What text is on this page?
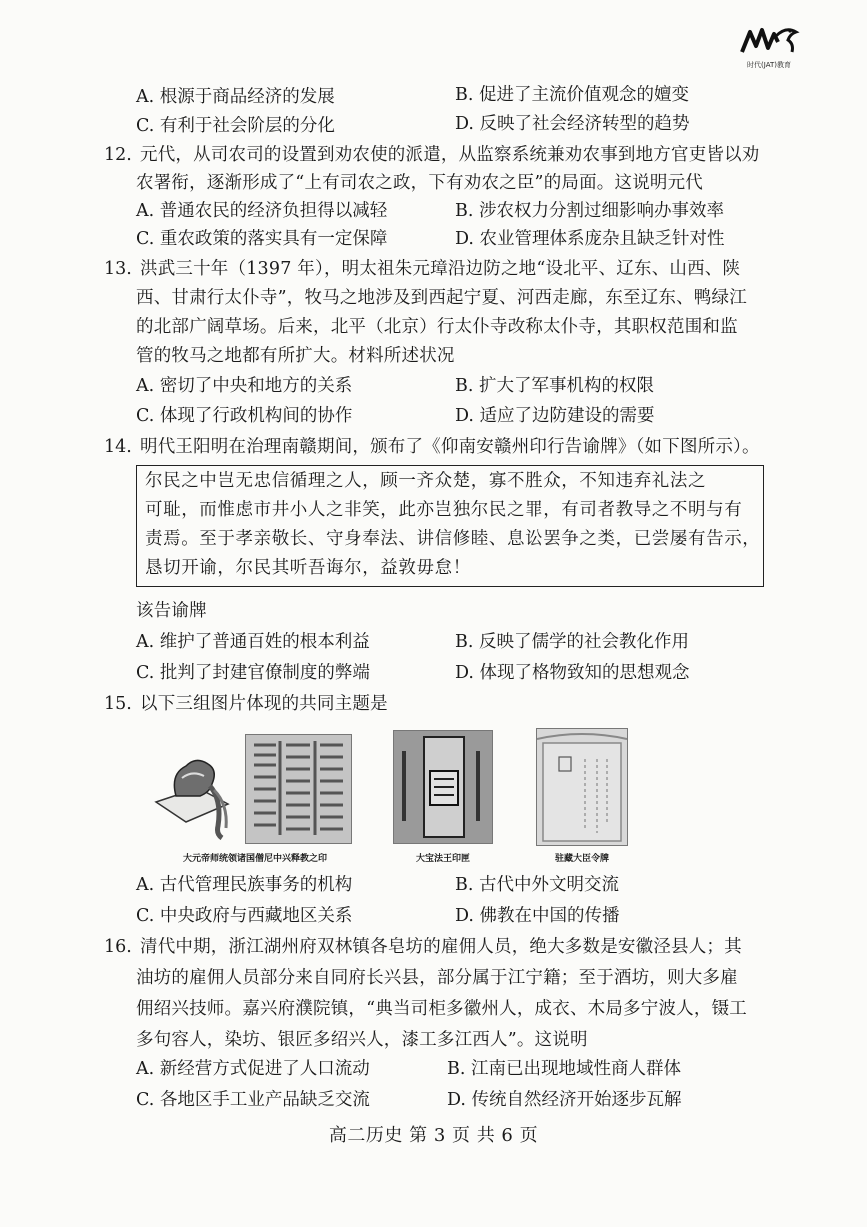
时代(JAT)教育
A. 根源于商品经济的发展	B. 促进了主流价值观念的嬗变
C. 有利于社会阶层的分化	D. 反映了社会经济转型的趋势
12. 元代，从司农司的设置到劝农使的派遣，从监察系统兼劝农事到地方官吏皆以劝
农署衔，逐渐形成了“上有司农之政，下有劝农之臣”的局面。这说明元代
A. 普通农民的经济负担得以减轻	B. 涉农权力分割过细影响办事效率
C. 重农政策的落实具有一定保障	D. 农业管理体系庞杂且缺乏针对性
13. 洪武三十年（1397 年），明太祖朱元璋沿边防之地“设北平、辽东、山西、陕
西、甘肃行太仆寺”，牧马之地涉及到西起宁夏、河西走廊，东至辽东、鸭绿江
的北部广阔草场。后来，北平（北京）行太仆寺改称太仆寺，其职权范围和监
管的牧马之地都有所扩大。材料所述状况
A. 密切了中央和地方的关系	B. 扩大了军事机构的权限
C. 体现了行政机构间的协作	D. 适应了边防建设的需要
14. 明代王阳明在治理南赣期间，颁布了《仰南安赣州印行告谕牌》（如下图所示）。
尔民之中岂无忠信循理之人，顾一齐众楚，寡不胜众，不知违弃礼法之
可耻，而惟虑市井小人之非笑，此亦岂独尔民之罪，有司者教导之不明与有
责焉。至于孝亲敬长、守身奉法、讲信修睦、息讼罢争之类，已尝屡有告示，
恳切开谕，尔民其听吾诲尔，益敦毋怠！
该告谕牌
A. 维护了普通百姓的根本利益	B. 反映了儒学的社会教化作用
C. 批判了封建官僚制度的弊端	D. 体现了格物致知的思想观念
15. 以下三组图片体现的共同主题是
大元帝师统领诸国僧尼中兴释教之印	大宝法王印匣	驻藏大臣令牌
A. 古代管理民族事务的机构	B. 古代中外文明交流
C. 中央政府与西藏地区关系	D. 佛教在中国的传播
16. 清代中期，浙江湖州府双林镇各皂坊的雇佣人员，绝大多数是安徽泾县人；其
油坊的雇佣人员部分来自同府长兴县，部分属于江宁籍；至于酒坊，则大多雇
佣绍兴技师。嘉兴府濮院镇，“典当司柜多徽州人，成衣、木局多宁波人，镊工
多句容人，染坊、银匠多绍兴人，漆工多江西人”。这说明
A. 新经营方式促进了人口流动	B. 江南已出现地域性商人群体
C. 各地区手工业产品缺乏交流	D. 传统自然经济开始逐步瓦解
高二历史 第 3 页 共 6 页
